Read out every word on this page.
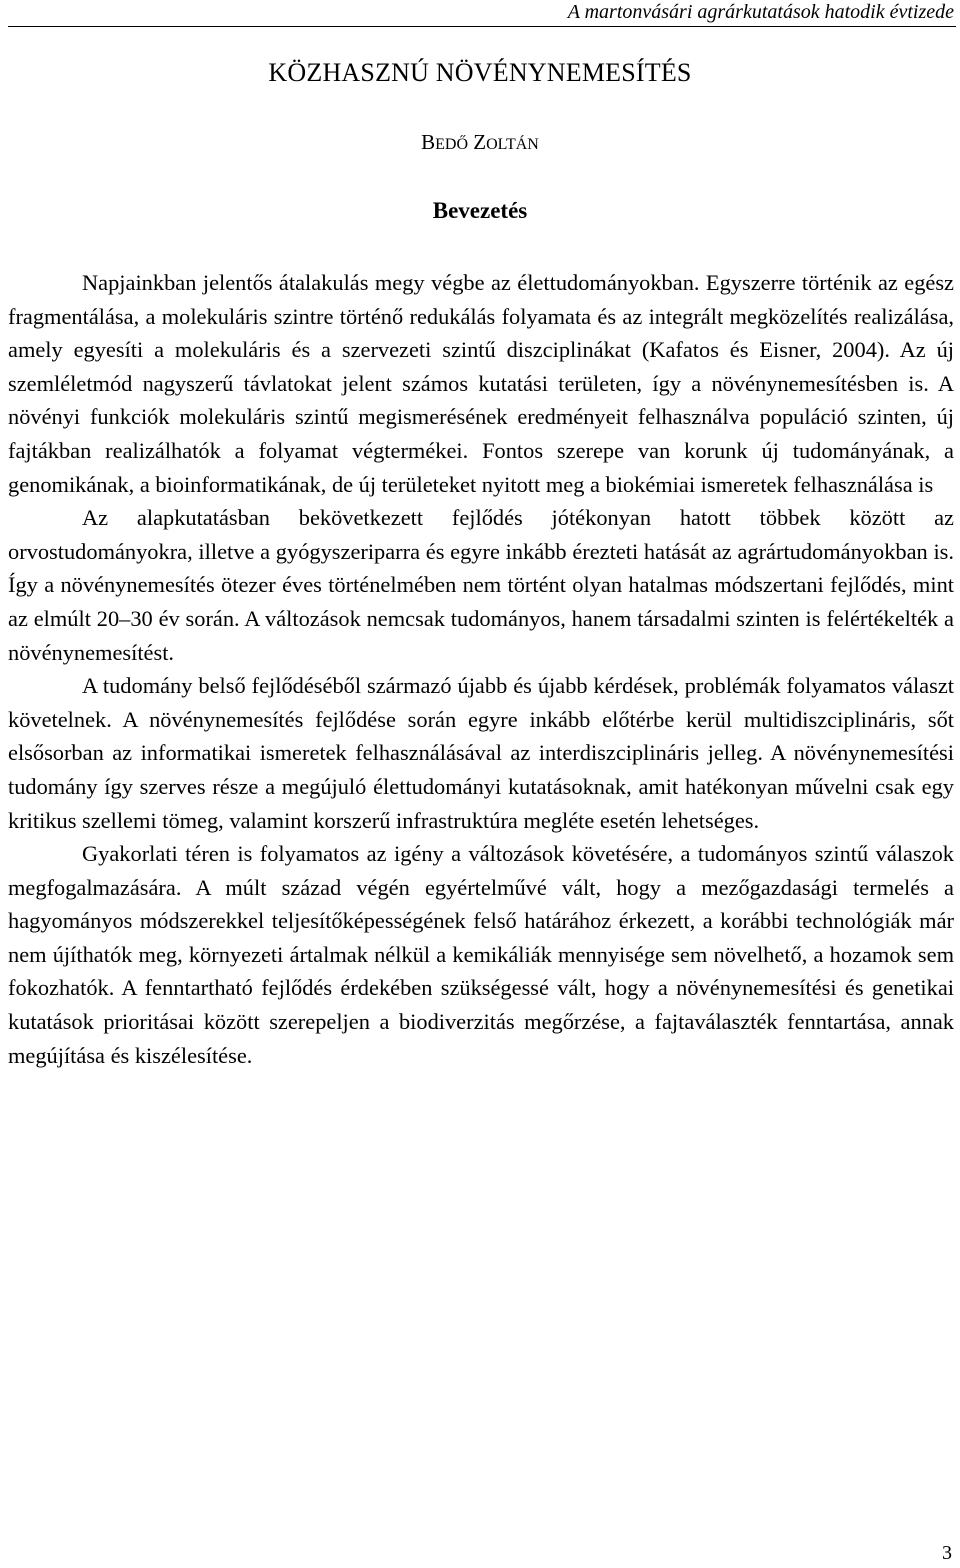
A martonvásári agrárkutatások hatodik évtizede
KÖZHASZNÚ NÖVÉNYNEMESÍTÉS
BEDŐ ZOLTÁN
Bevezetés

Napjainkban jelentős átalakulás megy végbe az élettudományokban. Egyszerre történik az egész fragmentálása, a molekuláris szintre történő redukálás folyamata és az integrált megközelítés realizálása, amely egyesíti a molekuláris és a szervezeti szintű diszciplinákat (Kafatos és Eisner, 2004). Az új szemléletmód nagyszerű távlatokat jelent számos kutatási területen, így a növénynemesítésben is. A növényi funkciók molekuláris szintű megismerésének eredményeit felhasználva populáció szinten, új fajtákban realizálhatók a folyamat végtermékei. Fontos szerepe van korunk új tudományának, a genomikának, a bioinformatikának, de új területeket nyitott meg a biokémiai ismeretek felhasználása is

Az alapkutatásban bekövetkezett fejlődés jótékonyan hatott többek között az orvostudományokra, illetve a gyógyszeriparra és egyre inkább érezteti hatását az agrártudományokban is. Így a növénynemesítés ötezer éves történelmében nem történt olyan hatalmas módszertani fejlődés, mint az elmúlt 20–30 év során. A változások nemcsak tudományos, hanem társadalmi szinten is felértékelték a növénynemesítést.

A tudomány belső fejlődéséből származó újabb és újabb kérdések, problémák folyamatos választ követelnek. A növénynemesítés fejlődése során egyre inkább előtérbe kerül multidiszciplináris, sőt elsősorban az informatikai ismeretek felhasználásával az interdiszciplináris jelleg. A növénynemesítési tudomány így szerves része a megújuló élettudományi kutatásoknak, amit hatékonyan művelni csak egy kritikus szellemi tömeg, valamint korszerű infrastruktúra megléte esetén lehetséges.

Gyakorlati téren is folyamatos az igény a változások követésére, a tudományos szintű válaszok megfogalmazására. A múlt század végén egyértelművé vált, hogy a mezőgazdasági termelés a hagyományos módszerekkel teljesítőképességének felső határához érkezett, a korábbi technológiák már nem újíthatók meg, környezeti ártalmak nélkül a kemikáliák mennyisége sem növelhető, a hozamok sem fokozhatók. A fenntartható fejlődés érdekében szükségessé vált, hogy a növénynemesítési és genetikai kutatások prioritásai között szerepeljen a biodiverzitás megőrzése, a fajtaválaszték fenntartása, annak megújítása és kiszélesítése.

3
